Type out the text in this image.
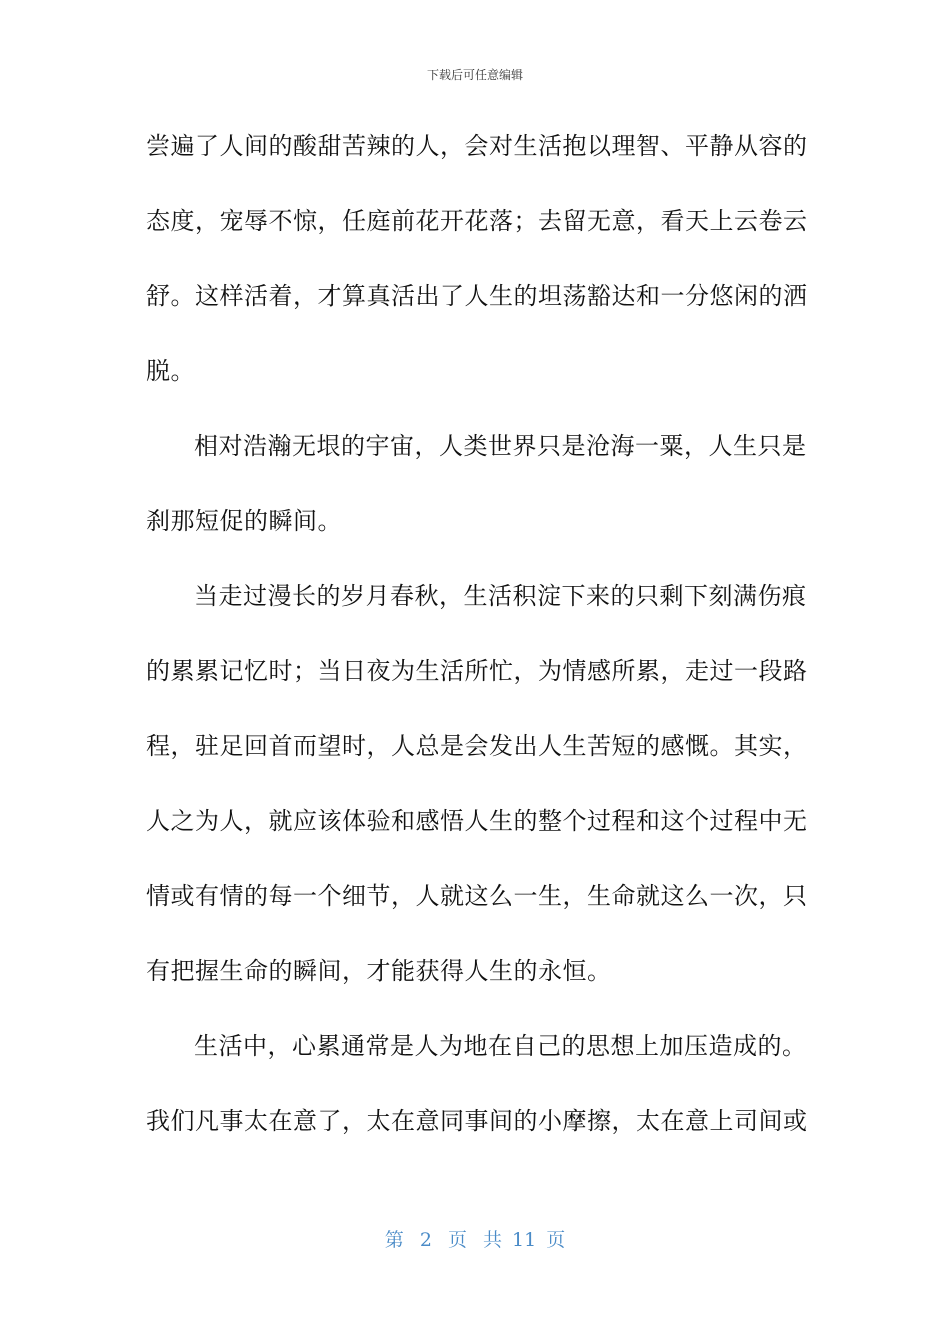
下载后可任意编辑
尝遍了人间的酸甜苦辣的人，会对生活抱以理智、平静从容的
态度，宠辱不惊，任庭前花开花落；去留无意，看天上云卷云
舒。这样活着，才算真活出了人生的坦荡豁达和一分悠闲的洒
脱。
相对浩瀚无垠的宇宙，人类世界只是沧海一粟，人生只是
刹那短促的瞬间。
当走过漫长的岁月春秋，生活积淀下来的只剩下刻满伤痕
的累累记忆时；当日夜为生活所忙，为情感所累，走过一段路
程，驻足回首而望时，人总是会发出人生苦短的感慨。其实，
人之为人，就应该体验和感悟人生的整个过程和这个过程中无
情或有情的每一个细节，人就这么一生，生命就这么一次，只
有把握生命的瞬间，才能获得人生的永恒。
生活中，心累通常是人为地在自己的思想上加压造成的。
我们凡事太在意了，太在意同事间的小摩擦，太在意上司间或
第 2 页 共 11 页
